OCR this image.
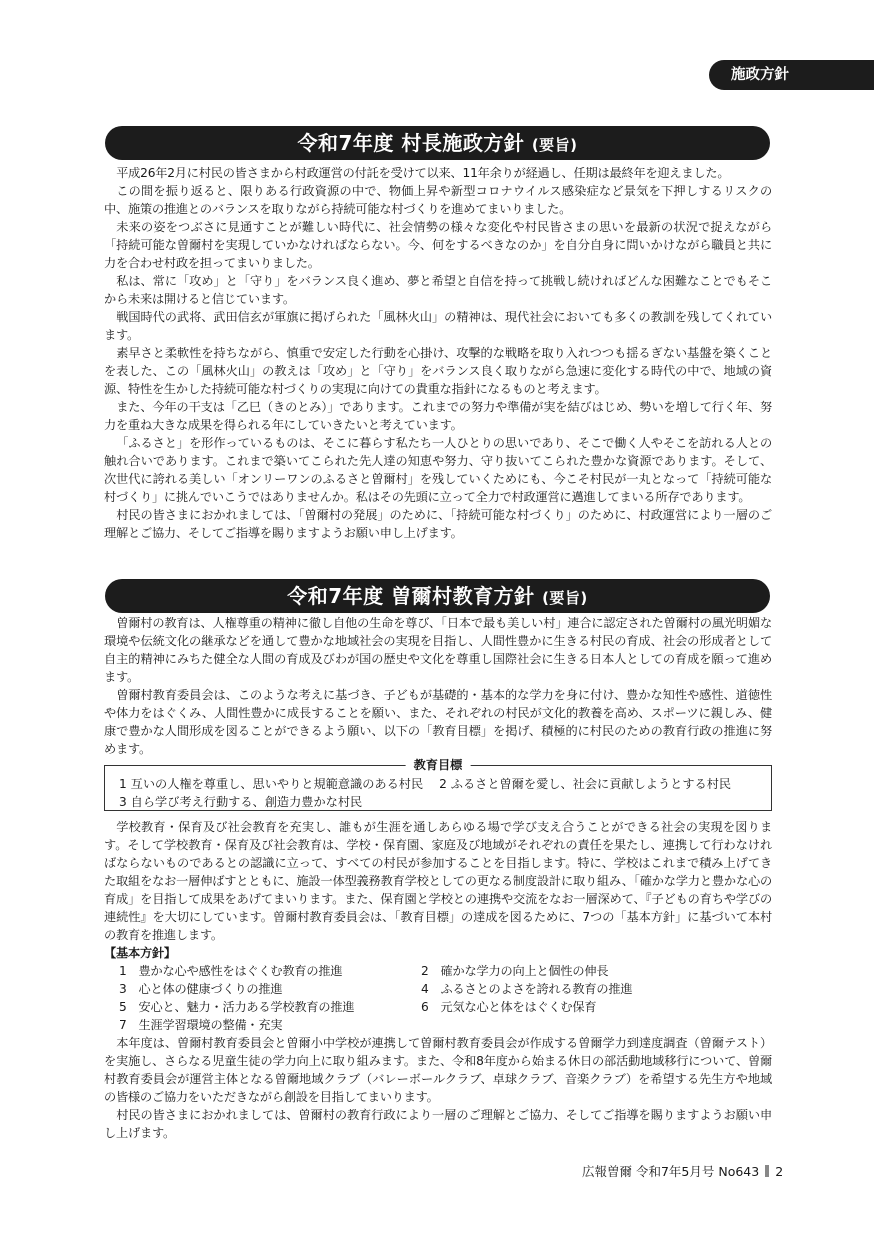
施政方針
令和7年度 村長施政方針 (要旨)

平成26年2月に村民の皆さまから村政運営の付託を受けて以来、11年余りが経過し、任期は最終年を迎えました。

この間を振り返ると、限りある行政資源の中で、物価上昇や新型コロナウイルス感染症など景気を下押しするリスクの中、施策の推進とのバランスを取りながら持続可能な村づくりを進めてまいりました。

未来の姿をつぶさに見通すことが難しい時代に、社会情勢の様々な変化や村民皆さまの思いを最新の状況で捉えながら「持続可能な曽爾村を実現していかなければならない。今、何をするべきなのか」を自分自身に問いかけながら職員と共に力を合わせ村政を担ってまいりました。

私は、常に「攻め」と「守り」をバランス良く進め、夢と希望と自信を持って挑戦し続ければどんな困難なことでもそこから未来は開けると信じています。

戦国時代の武将、武田信玄が軍旗に掲げられた「風林火山」の精神は、現代社会においても多くの教訓を残してくれています。

素早さと柔軟性を持ちながら、慎重で安定した行動を心掛け、攻撃的な戦略を取り入れつつも揺るぎない基盤を築くことを表した、この「風林火山」の教えは「攻め」と「守り」をバランス良く取りながら急速に変化する時代の中で、地域の資源、特性を生かした持続可能な村づくりの実現に向けての貴重な指針になるものと考えます。

また、今年の干支は「乙巳（きのとみ）」であります。これまでの努力や準備が実を結びはじめ、勢いを増して行く年、努力を重ね大きな成果を得られる年にしていきたいと考えています。

「ふるさと」を形作っているものは、そこに暮らす私たち一人ひとりの思いであり、そこで働く人やそこを訪れる人との触れ合いであります。これまで築いてこられた先人達の知恵や努力、守り抜いてこられた豊かな資源であります。そして、次世代に誇れる美しい「オンリーワンのふるさと曽爾村」を残していくためにも、今こそ村民が一丸となって「持続可能な村づくり」に挑んでいこうではありませんか。私はその先頭に立って全力で村政運営に邁進してまいる所存であります。

村民の皆さまにおかれましては、「曽爾村の発展」のために、「持続可能な村づくり」のために、村政運営により一層のご理解とご協力、そしてご指導を賜りますようお願い申し上げます。

令和7年度 曽爾村教育方針 (要旨)

曽爾村の教育は、人権尊重の精神に徹し自他の生命を尊び、「日本で最も美しい村」連合に認定された曽爾村の風光明媚な環境や伝統文化の継承などを通して豊かな地域社会の実現を目指し、人間性豊かに生きる村民の育成、社会の形成者として自主的精神にみちた健全な人間の育成及びわが国の歴史や文化を尊重し国際社会に生きる日本人としての育成を願って進めます。

曽爾村教育委員会は、このような考えに基づき、子どもが基礎的・基本的な学力を身に付け、豊かな知性や感性、道徳性や体力をはぐくみ、人間性豊かに成長することを願い、また、それぞれの村民が文化的教養を高め、スポーツに親しみ、健康で豊かな人間形成を図ることができるよう願い、以下の「教育目標」を掲げ、積極的に村民のための教育行政の推進に努めます。

教育目標
1 互いの人権を尊重し、思いやりと規範意識のある村民 2 ふるさと曽爾を愛し、社会に貢献しようとする村民
3 自ら学び考え行動する、創造力豊かな村民

学校教育・保育及び社会教育を充実し、誰もが生涯を通しあらゆる場で学び支え合うことができる社会の実現を図ります。そして学校教育・保育及び社会教育は、学校・保育園、家庭及び地域がそれぞれの責任を果たし、連携して行わなければならないものであるとの認識に立って、すべての村民が参加することを目指します。特に、学校はこれまで積み上げてきた取組をなお一層伸ばすとともに、施設一体型義務教育学校としての更なる制度設計に取り組み、「確かな学力と豊かな心の育成」を目指して成果をあげてまいります。また、保育園と学校との連携や交流をなお一層深めて、『子どもの育ちや学びの連続性』を大切にしています。曽爾村教育委員会は、「教育目標」の達成を図るために、7つの「基本方針」に基づいて本村の教育を推進します。

【基本方針】

1　豊かな心や感性をはぐくむ教育の推進	2　確かな学力の向上と個性の伸長
3　心と体の健康づくりの推進	4　ふるさとのよさを誇れる教育の推進
5　安心と、魅力・活力ある学校教育の推進	6　元気な心と体をはぐくむ保育
7　生涯学習環境の整備・充実

本年度は、曽爾村教育委員会と曽爾小中学校が連携して曽爾村教育委員会が作成する曽爾学力到達度調査（曽爾テスト）を実施し、さらなる児童生徒の学力向上に取り組みます。また、令和8年度から始まる休日の部活動地域移行について、曽爾村教育委員会が運営主体となる曽爾地域クラブ（バレーボールクラブ、卓球クラブ、音楽クラブ）を希望する先生方や地域の皆様のご協力をいただきながら創設を目指してまいります。

村民の皆さまにおかれましては、曽爾村の教育行政により一層のご理解とご協力、そしてご指導を賜りますようお願い申し上げます。

広報曽爾 令和7年5月号 No643 2
